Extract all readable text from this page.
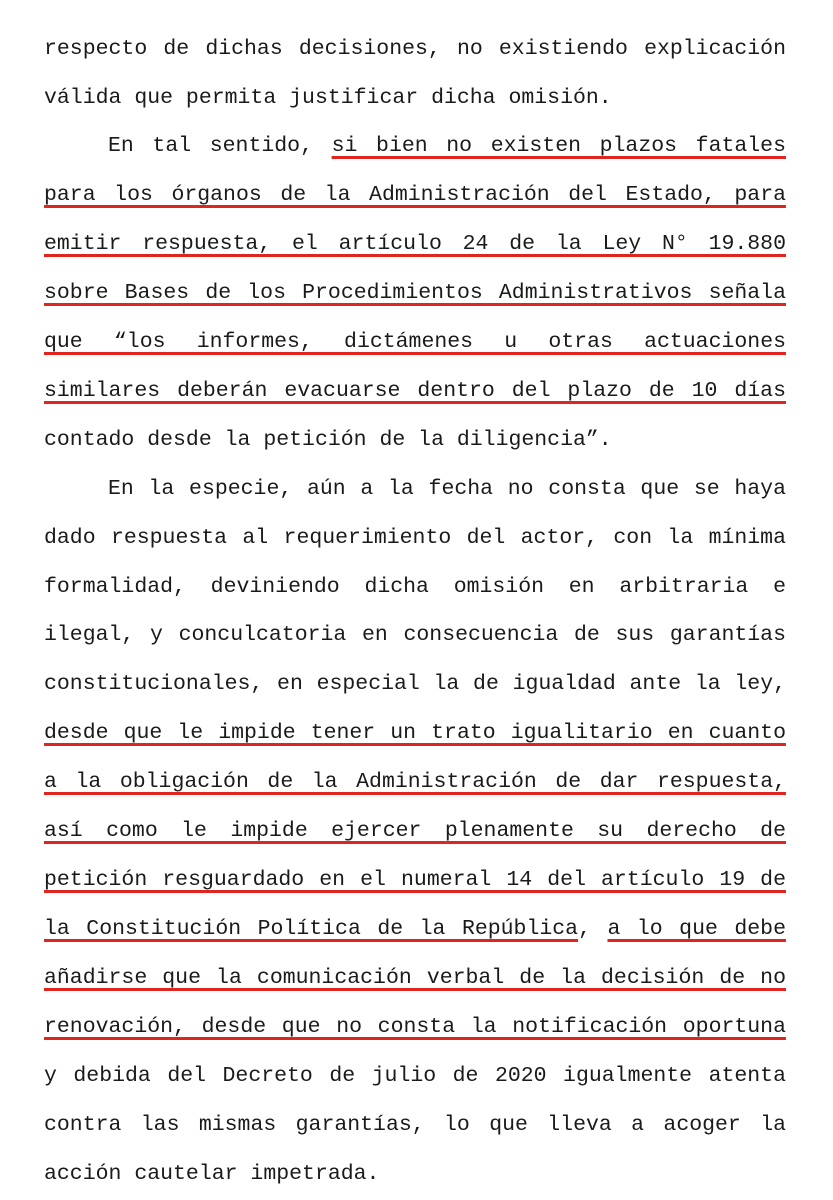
respecto de dichas decisiones, no existiendo explicación
válida que permita justificar dicha omisión.
En tal sentido, si bien no existen plazos fatales
para los órganos de la Administración del Estado, para
emitir respuesta, el artículo 24 de la Ley N° 19.880
sobre Bases de los Procedimientos Administrativos señala
que “los informes, dictámenes u otras actuaciones
similares deberán evacuarse dentro del plazo de 10 días
contado desde la petición de la diligencia”.
En la especie, aún a la fecha no consta que se haya
dado respuesta al requerimiento del actor, con la mínima
formalidad, deviniendo dicha omisión en arbitraria e
ilegal, y conculcatoria en consecuencia de sus garantías
constitucionales, en especial la de igualdad ante la ley,
desde que le impide tener un trato igualitario en cuanto
a la obligación de la Administración de dar respuesta,
así como le impide ejercer plenamente su derecho de
petición resguardado en el numeral 14 del artículo 19 de
la Constitución Política de la República, a lo que debe
añadirse que la comunicación verbal de la decisión de no
renovación, desde que no consta la notificación oportuna
y debida del Decreto de julio de 2020 igualmente atenta
contra las mismas garantías, lo que lleva a acoger la
acción cautelar impetrada.
